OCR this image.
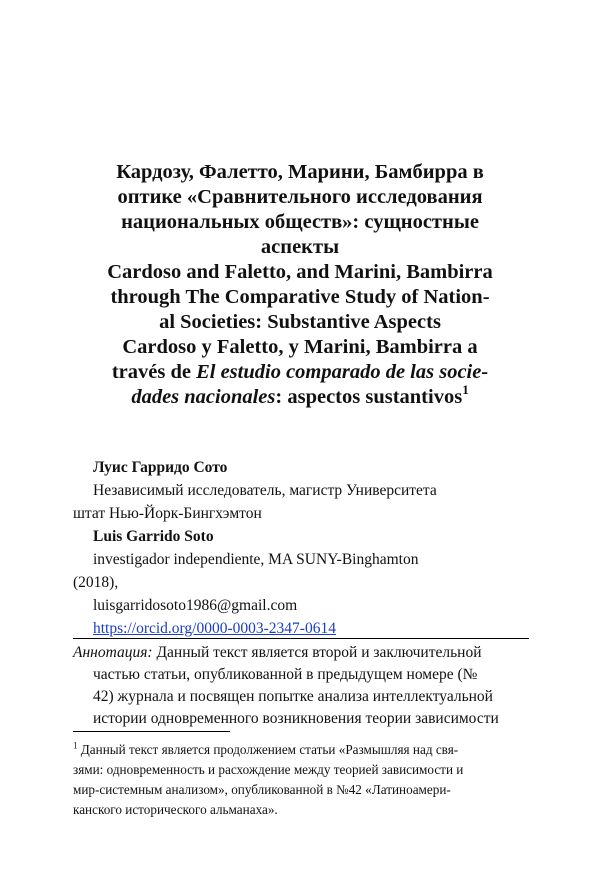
Кардозу, Фалетто, Марини, Бамбирра в
оптике «Сравнительного исследования
национальных обществ»: сущностные
аспекты
Cardoso and Faletto, and Marini, Bambirra
through The Comparative Study of Nation-
al Societies: Substantive Aspects
Cardoso y Faletto, y Marini, Bambirra a
través de El estudio comparado de las socie-
dades nacionales: aspectos sustantivos$^1$
Луис Гарридо Сото
Независимый исследователь, магистр Университета
штат Нью-Йорк-Бингхэмтон
Luis Garrido Soto
investigador independiente, MA SUNY-Binghamton
(2018),
luisgarridosoto1986@gmail.com
https://orcid.org/0000-0003-2347-0614
Аннотация: Данный текст является второй и заключительной
частью статьи, опубликованной в предыдущем номере (№
42) журнала и посвящен попытке анализа интеллектуальной
истории одновременного возникновения теории зависимости
$^1$ Данный текст является продолжением статьи «Размышляя над свя-
зями: одновременность и расхождение между теорией зависимости и
мир-системным анализом», опубликованной в №42 «Латиноамери-
канского исторического альманаха».
